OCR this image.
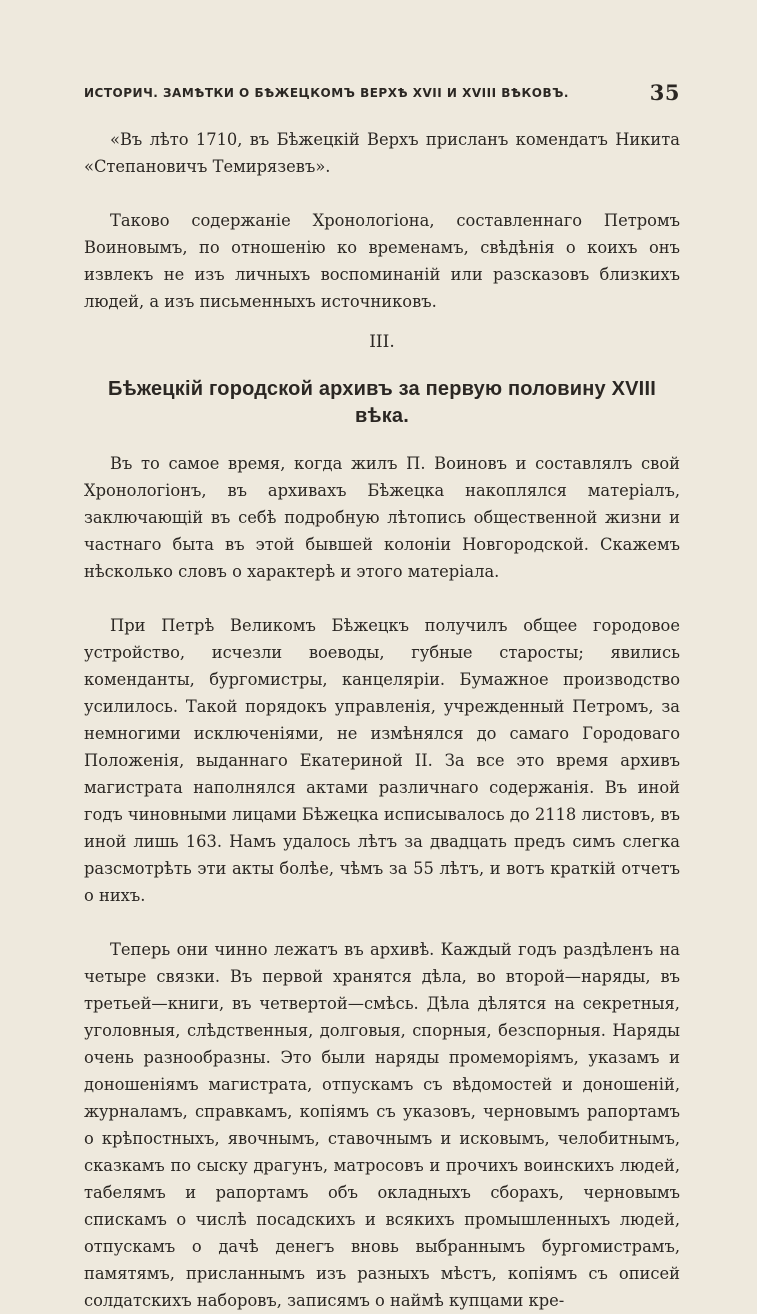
ИСТОРИЧ. ЗАМѢТКИ О БѢЖЕЦКОМЪ ВЕРХѢ XVII И XVIII ВѢКОВЪ.	35

«Въ лѣто 1710, въ Бѣжецкій Верхъ присланъ комендатъ Никита «Степановичъ Темирязевъ».

Таково содержаніе Хронологіона, составленнаго Петромъ Воиновымъ, по отношенію ко временамъ, свѣдѣнія о коихъ онъ извлекъ не изъ личныхъ воспоминаній или разсказовъ близкихъ людей, а изъ письменныхъ источниковъ.

III.
Бѣжецкій городской архивъ за первую половину XVIII вѣка.

Въ то самое время, когда жилъ П. Воиновъ и составлялъ свой Хронологіонъ, въ архивахъ Бѣжецка накоплялся матеріалъ, заключающій въ себѣ подробную лѣтопись общественной жизни и частнаго быта въ этой бывшей колоніи Новгородской. Скажемъ нѣсколько словъ о характерѣ и этого матеріала.

При Петрѣ Великомъ Бѣжецкъ получилъ общее городовое устройство, исчезли воеводы, губные старосты; явились коменданты, бургомистры, канцеляріи. Бумажное производство усилилось. Такой порядокъ управленія, учрежденный Петромъ, за немногими исключеніями, не измѣнялся до самаго Городоваго Положенія, выданнаго Екатериной II. За все это время архивъ магистрата наполнялся актами различнаго содержанія. Въ иной годъ чиновными лицами Бѣжецка исписывалось до 2118 листовъ, въ иной лишь 163. Намъ удалось лѣтъ за двадцать предъ симъ слегка разсмотрѣть эти акты болѣе, чѣмъ за 55 лѣтъ, и вотъ краткій отчетъ о нихъ.

Теперь они чинно лежатъ въ архивѣ. Каждый годъ раздѣленъ на четыре связки. Въ первой хранятся дѣла, во второй—наряды, въ третьей—книги, въ четвертой—смѣсь. Дѣла дѣлятся на секретныя, уголовныя, слѣдственныя, долговыя, спорныя, безспорныя. Наряды очень разнообразны. Это были наряды промеморіямъ, указамъ и доношеніямъ магистрата, отпускамъ съ вѣдомостей и доношеній, журналамъ, справкамъ, копіямъ съ указовъ, черновымъ рапортамъ о крѣпостныхъ, явочнымъ, ставочнымъ и исковымъ, челобитнымъ, сказкамъ по сыску драгунъ, матросовъ и прочихъ воинскихъ людей, табелямъ и рапортамъ объ окладныхъ сборахъ, черновымъ спискамъ о числѣ посадскихъ и всякихъ промышленныхъ людей, отпускамъ о дачѣ денегъ вновь выбраннымъ бургомистрамъ, памятямъ, присланнымъ изъ разныхъ мѣстъ, копіямъ съ описей солдатскихъ наборовъ, записямъ о наймѣ купцами кре-
